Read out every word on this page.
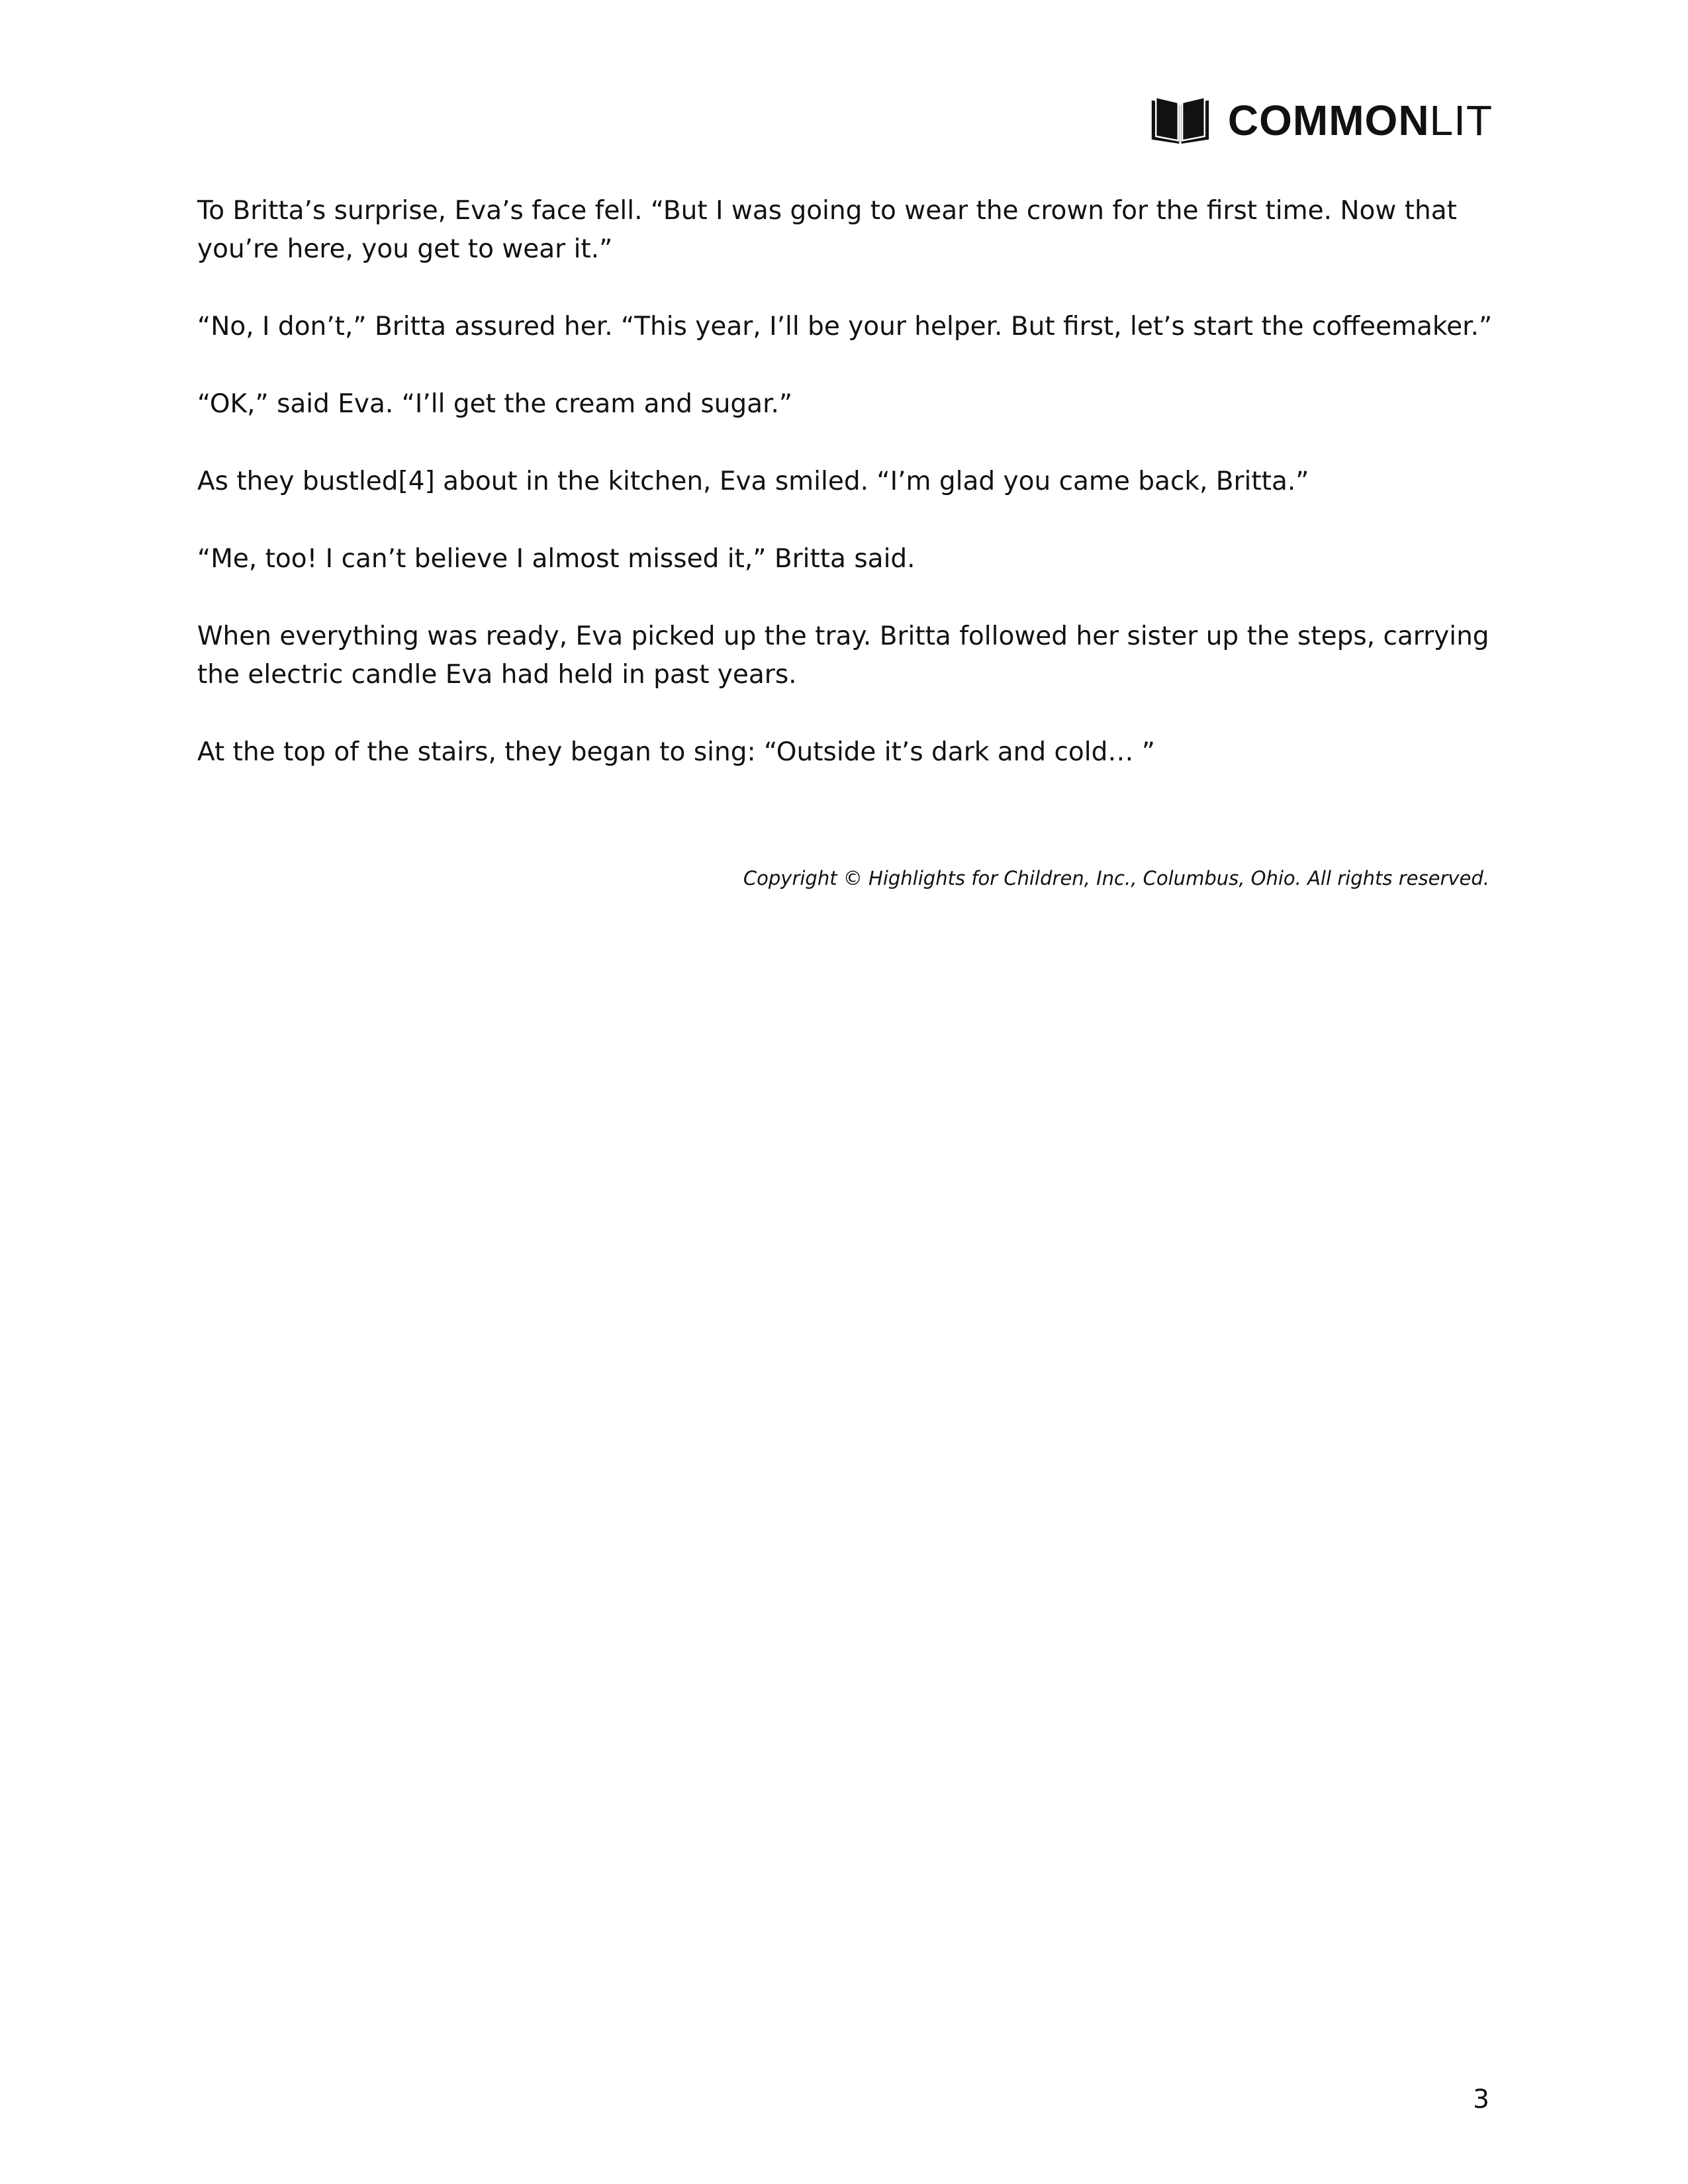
COMMONLIT

To Britta’s surprise, Eva’s face fell. “But I was going to wear the crown for the first time. Now that you’re here, you get to wear it.”

“No, I don’t,” Britta assured her. “This year, I’ll be your helper. But first, let’s start the coffeemaker.”

“OK,” said Eva. “I’ll get the cream and sugar.”

As they bustled[4] about in the kitchen, Eva smiled. “I’m glad you came back, Britta.”

“Me, too! I can’t believe I almost missed it,” Britta said.

When everything was ready, Eva picked up the tray. Britta followed her sister up the steps, carrying the electric candle Eva had held in past years.

At the top of the stairs, they began to sing: “Outside it’s dark and cold… ”

Copyright © Highlights for Children, Inc., Columbus, Ohio. All rights reserved.
3
